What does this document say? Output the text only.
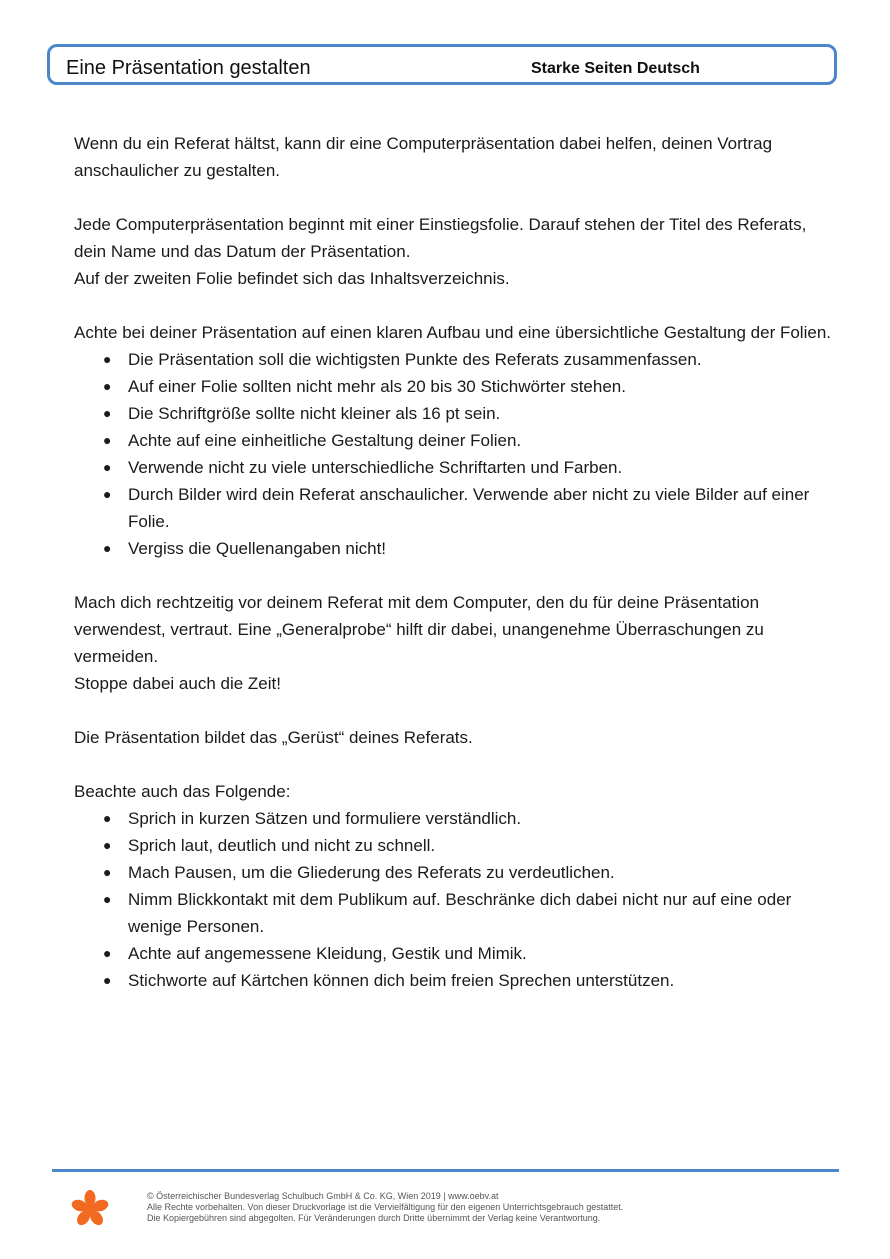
Eine Präsentation gestalten	Starke Seiten Deutsch

Wenn du ein Referat hältst, kann dir eine Computerpräsentation dabei helfen, deinen Vortrag anschaulicher zu gestalten.

Jede Computerpräsentation beginnt mit einer Einstiegsfolie. Darauf stehen der Titel des Referats, dein Name und das Datum der Präsentation.

Auf der zweiten Folie befindet sich das Inhaltsverzeichnis.

Achte bei deiner Präsentation auf einen klaren Aufbau und eine übersichtliche Gestaltung der Folien.

● Die Präsentation soll die wichtigsten Punkte des Referats zusammenfassen.
● Auf einer Folie sollten nicht mehr als 20 bis 30 Stichwörter stehen.
● Die Schriftgröße sollte nicht kleiner als 16 pt sein.
● Achte auf eine einheitliche Gestaltung deiner Folien.
● Verwende nicht zu viele unterschiedliche Schriftarten und Farben.
● Durch Bilder wird dein Referat anschaulicher. Verwende aber nicht zu viele Bilder auf einer Folie.
● Vergiss die Quellenangaben nicht!

Mach dich rechtzeitig vor deinem Referat mit dem Computer, den du für deine Präsentation verwendest, vertraut. Eine „Generalprobe“ hilft dir dabei, unangenehme Überraschungen zu vermeiden.

Stoppe dabei auch die Zeit!

Die Präsentation bildet das „Gerüst“ deines Referats.

Beachte auch das Folgende:

● Sprich in kurzen Sätzen und formuliere verständlich.
● Sprich laut, deutlich und nicht zu schnell.
● Mach Pausen, um die Gliederung des Referats zu verdeutlichen.
● Nimm Blickkontakt mit dem Publikum auf. Beschränke dich dabei nicht nur auf eine oder wenige Personen.
● Achte auf angemessene Kleidung, Gestik und Mimik.
● Stichworte auf Kärtchen können dich beim freien Sprechen unterstützen.
© Österreichischer Bundesverlag Schulbuch GmbH & Co. KG, Wien 2019 | www.oebv.at
Alle Rechte vorbehalten. Von dieser Druckvorlage ist die Vervielfältigung für den eigenen Unterrichtsgebrauch gestattet.
Die Kopiergebühren sind abgegolten. Für Veränderungen durch Dritte übernimmt der Verlag keine Verantwortung.
